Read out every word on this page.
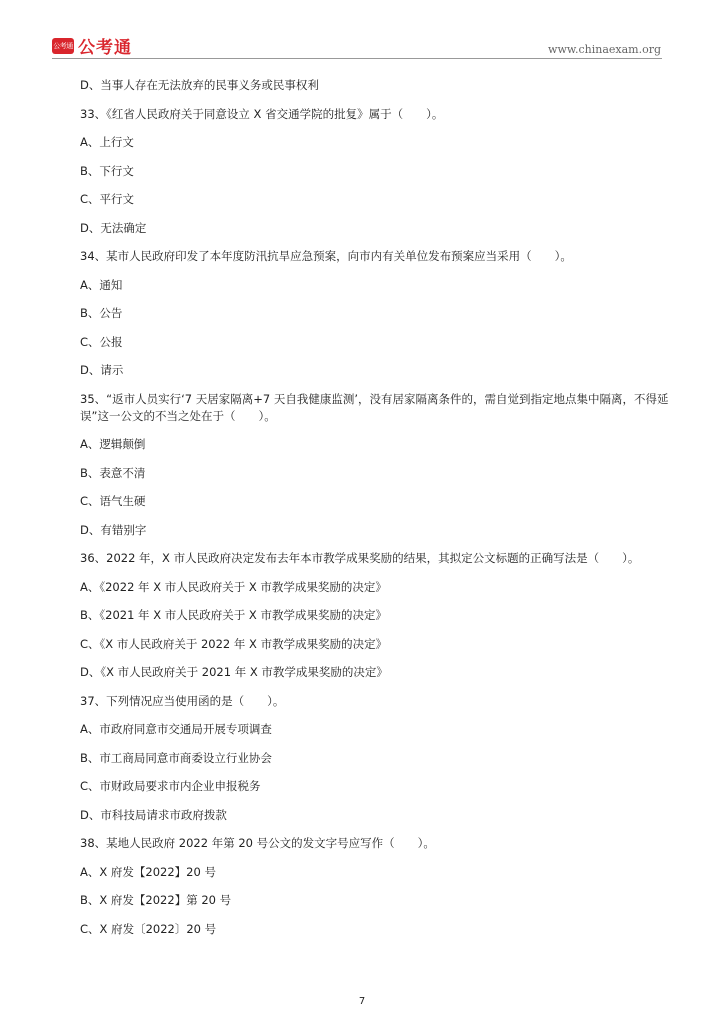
公考通 公考通	www.chinaexam.org
D、当事人存在无法放弃的民事义务或民事权利
33、《红省人民政府关于同意设立 X 省交通学院的批复》属于（　　）。
A、上行文
B、下行文
C、平行文
D、无法确定
34、某市人民政府印发了本年度防汛抗旱应急预案，向市内有关单位发布预案应当采用（　　）。
A、通知
B、公告
C、公报
D、请示
35、“返市人员实行‘7 天居家隔离+7 天自我健康监测’，没有居家隔离条件的，需自觉到指定地点集中隔离，不得延误”这一公文的不当之处在于（　　）。
A、逻辑颠倒
B、表意不清
C、语气生硬
D、有错别字
36、2022 年，X 市人民政府决定发布去年本市教学成果奖励的结果，其拟定公文标题的正确写法是（　　）。
A、《2022 年 X 市人民政府关于 X 市教学成果奖励的决定》
B、《2021 年 X 市人民政府关于 X 市教学成果奖励的决定》
C、《X 市人民政府关于 2022 年 X 市教学成果奖励的决定》
D、《X 市人民政府关于 2021 年 X 市教学成果奖励的决定》
37、下列情况应当使用函的是（　　）。
A、市政府同意市交通局开展专项调查
B、市工商局同意市商委设立行业协会
C、市财政局要求市内企业申报税务
D、市科技局请求市政府拨款
38、某地人民政府 2022 年第 20 号公文的发文字号应写作（　　）。
A、X 府发【2022】20 号
B、X 府发【2022】第 20 号
C、X 府发〔2022〕20 号
7
